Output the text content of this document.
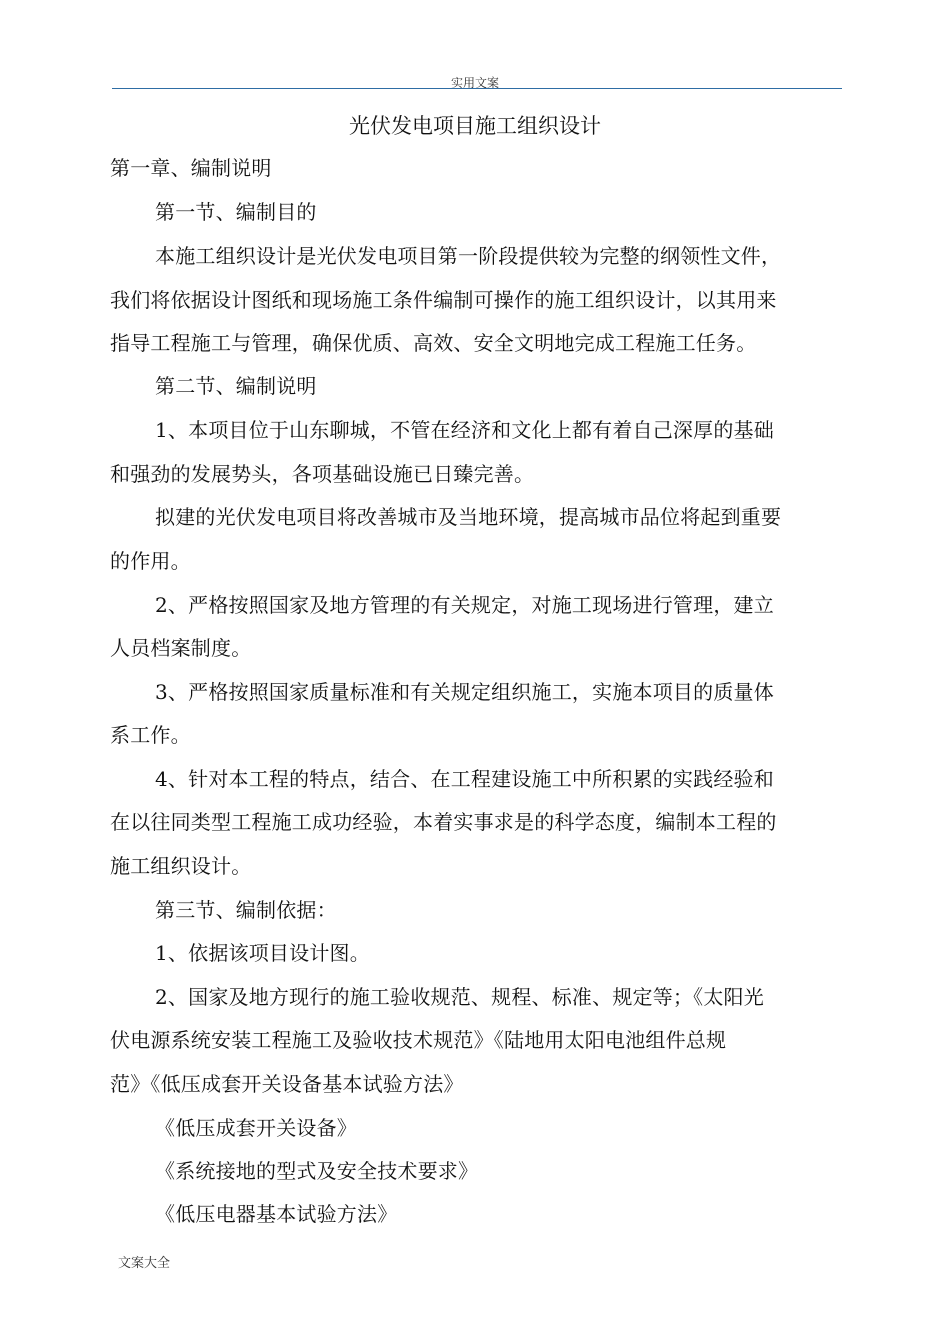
实用文案
光伏发电项目施工组织设计
第一章、编制说明
第一节、编制目的
本施工组织设计是光伏发电项目第一阶段提供较为完整的纲领性文件，
我们将依据设计图纸和现场施工条件编制可操作的施工组织设计，以其用来
指导工程施工与管理，确保优质、高效、安全文明地完成工程施工任务。
第二节、编制说明
1、本项目位于山东聊城，不管在经济和文化上都有着自己深厚的基础
和强劲的发展势头，各项基础设施已日臻完善。
拟建的光伏发电项目将改善城市及当地环境，提高城市品位将起到重要
的作用。
2、严格按照国家及地方管理的有关规定，对施工现场进行管理，建立
人员档案制度。
3、严格按照国家质量标准和有关规定组织施工，实施本项目的质量体
系工作。
4、针对本工程的特点，结合、在工程建设施工中所积累的实践经验和
在以往同类型工程施工成功经验，本着实事求是的科学态度，编制本工程的
施工组织设计。
第三节、编制依据：
1、依据该项目设计图。
2、国家及地方现行的施工验收规范、规程、标准、规定等；《太阳光
伏电源系统安装工程施工及验收技术规范》《陆地用太阳电池组件总规
范》《低压成套开关设备基本试验方法》
《低压成套开关设备》
《系统接地的型式及安全技术要求》
《低压电器基本试验方法》
文案大全
